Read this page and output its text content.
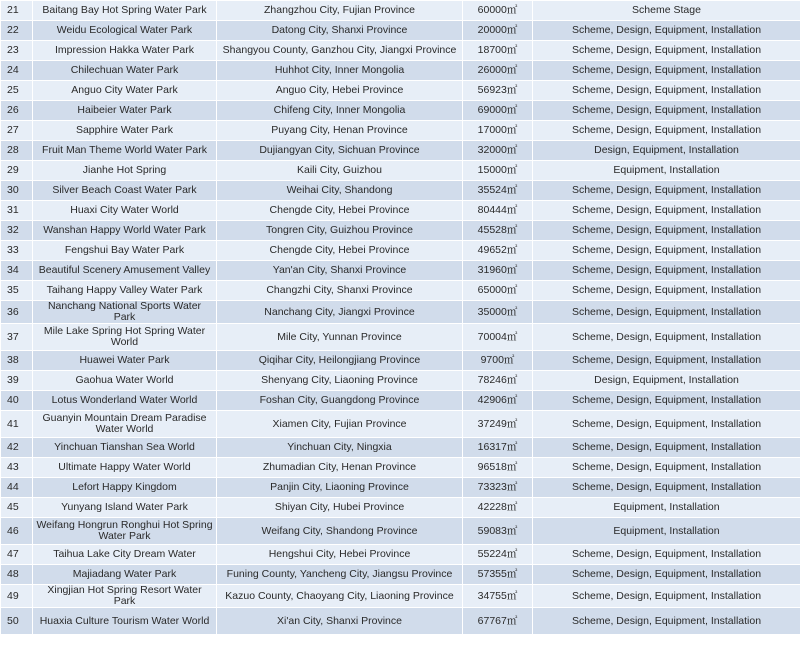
21	Baitang Bay Hot Spring Water Park	Zhangzhou City, Fujian Province	60000㎡	Scheme Stage
22	Weidu Ecological Water Park	Datong City, Shanxi Province	20000㎡	Scheme, Design, Equipment, Installation
23	Impression Hakka Water Park	Shangyou County, Ganzhou City, Jiangxi Province	18700㎡	Scheme, Design, Equipment, Installation
24	Chilechuan Water Park	Huhhot City, Inner Mongolia	26000㎡	Scheme, Design, Equipment, Installation
25	Anguo City Water Park	Anguo City, Hebei Province	56923㎡	Scheme, Design, Equipment, Installation
26	Haibeier Water Park	Chifeng City, Inner Mongolia	69000㎡	Scheme, Design, Equipment, Installation
27	Sapphire Water Park	Puyang City, Henan Province	17000㎡	Scheme, Design, Equipment, Installation
28	Fruit Man Theme World Water Park	Dujiangyan City, Sichuan Province	32000㎡	Design, Equipment, Installation
29	Jianhe Hot Spring	Kaili City, Guizhou	15000㎡	Equipment, Installation
30	Silver Beach Coast Water Park	Weihai City, Shandong	35524㎡	Scheme, Design, Equipment, Installation
31	Huaxi City Water World	Chengde City, Hebei Province	80444㎡	Scheme, Design, Equipment, Installation
32	Wanshan Happy World Water Park	Tongren City, Guizhou Province	45528㎡	Scheme, Design, Equipment, Installation
33	Fengshui Bay Water Park	Chengde City, Hebei Province	49652㎡	Scheme, Design, Equipment, Installation
34	Beautiful Scenery Amusement Valley	Yan'an City, Shanxi Province	31960㎡	Scheme, Design, Equipment, Installation
35	Taihang Happy Valley Water Park	Changzhi City, Shanxi Province	65000㎡	Scheme, Design, Equipment, Installation
36	Nanchang National Sports Water Park	Nanchang City, Jiangxi Province	35000㎡	Scheme, Design, Equipment, Installation
37	Mile Lake Spring Hot Spring Water World	Mile City, Yunnan Province	70004㎡	Scheme, Design, Equipment, Installation
38	Huawei Water Park	Qiqihar City, Heilongjiang Province	9700㎡	Scheme, Design, Equipment, Installation
39	Gaohua Water World	Shenyang City, Liaoning Province	78246㎡	Design, Equipment, Installation
40	Lotus Wonderland Water World	Foshan City, Guangdong Province	42906㎡	Scheme, Design, Equipment, Installation
41	Guanyin Mountain Dream Paradise Water World	Xiamen City, Fujian Province	37249㎡	Scheme, Design, Equipment, Installation
42	Yinchuan Tianshan Sea World	Yinchuan City, Ningxia	16317㎡	Scheme, Design, Equipment, Installation
43	Ultimate Happy Water World	Zhumadian City, Henan Province	96518㎡	Scheme, Design, Equipment, Installation
44	Lefort Happy Kingdom	Panjin City, Liaoning Province	73323㎡	Scheme, Design, Equipment, Installation
45	Yunyang Island Water Park	Shiyan City, Hubei Province	42228㎡	Equipment, Installation
46	Weifang Hongrun Ronghui Hot Spring Water Park	Weifang City, Shandong Province	59083㎡	Equipment, Installation
47	Taihua Lake City Dream Water	Hengshui City, Hebei Province	55224㎡	Scheme, Design, Equipment, Installation
48	Majiadang Water Park	Funing County, Yancheng City, Jiangsu Province	57355㎡	Scheme, Design, Equipment, Installation
49	Xingjian Hot Spring Resort Water Park	Kazuo County, Chaoyang City, Liaoning Province	34755㎡	Scheme, Design, Equipment, Installation
50	Huaxia Culture Tourism Water World	Xi'an City, Shanxi Province	67767㎡	Scheme, Design, Equipment, Installation
